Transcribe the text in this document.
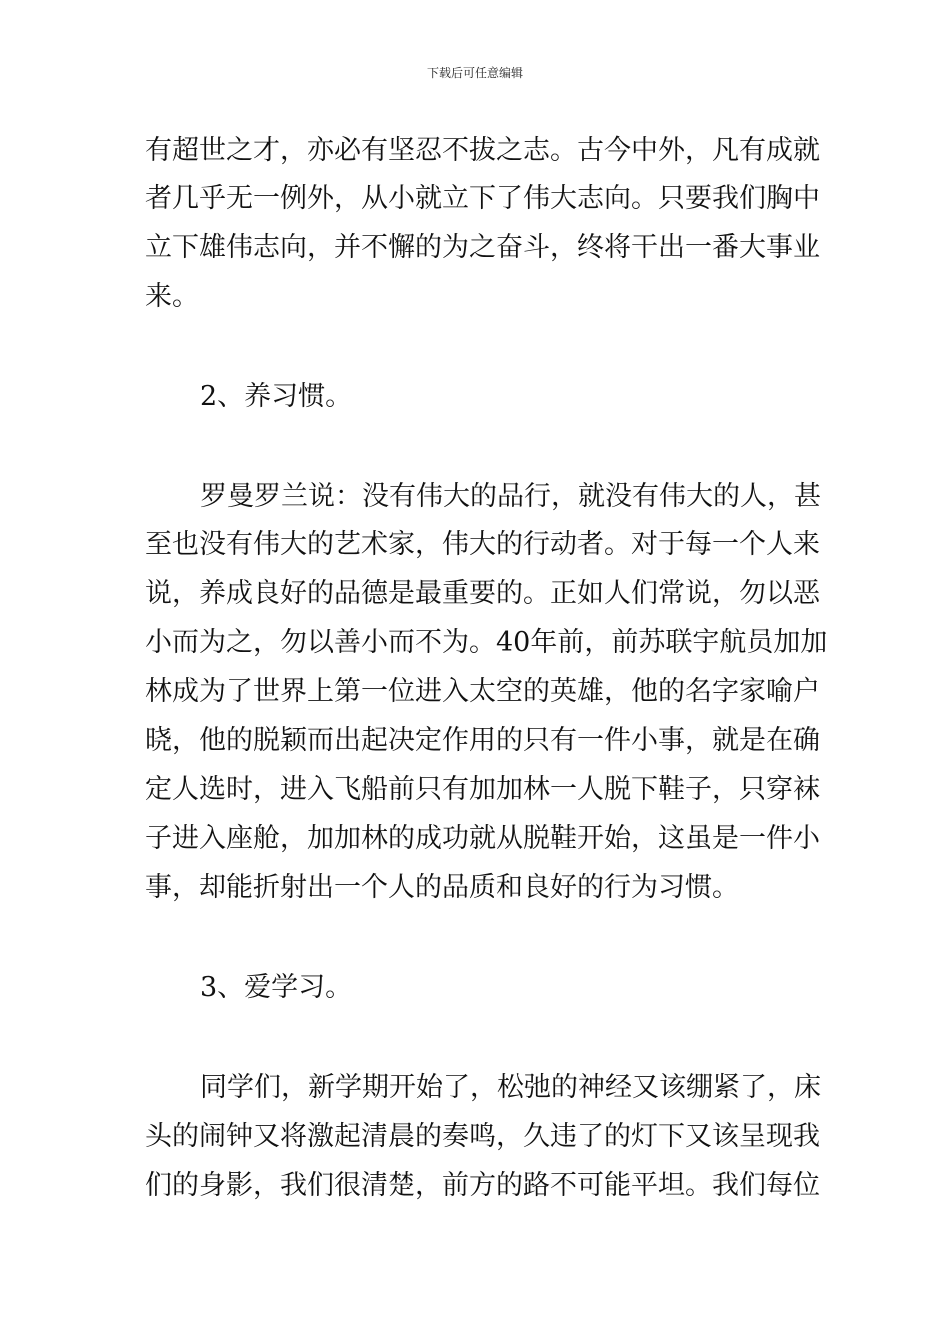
下载后可任意编辑
有超世之才，亦必有坚忍不拔之志。古今中外，凡有成就
者几乎无一例外，从小就立下了伟大志向。只要我们胸中
立下雄伟志向，并不懈的为之奋斗，终将干出一番大事业
来。
2、养习惯。
罗曼罗兰说：没有伟大的品行，就没有伟大的人，甚
至也没有伟大的艺术家，伟大的行动者。对于每一个人来
说，养成良好的品德是最重要的。正如人们常说，勿以恶
小而为之，勿以善小而不为。40年前，前苏联宇航员加加
林成为了世界上第一位进入太空的英雄，他的名字家喻户
晓，他的脱颖而出起决定作用的只有一件小事，就是在确
定人选时，进入飞船前只有加加林一人脱下鞋子，只穿袜
子进入座舱，加加林的成功就从脱鞋开始，这虽是一件小
事，却能折射出一个人的品质和良好的行为习惯。
3、爱学习。
同学们，新学期开始了，松弛的神经又该绷紧了，床
头的闹钟又将激起清晨的奏鸣，久违了的灯下又该呈现我
们的身影，我们很清楚，前方的路不可能平坦。我们每位
